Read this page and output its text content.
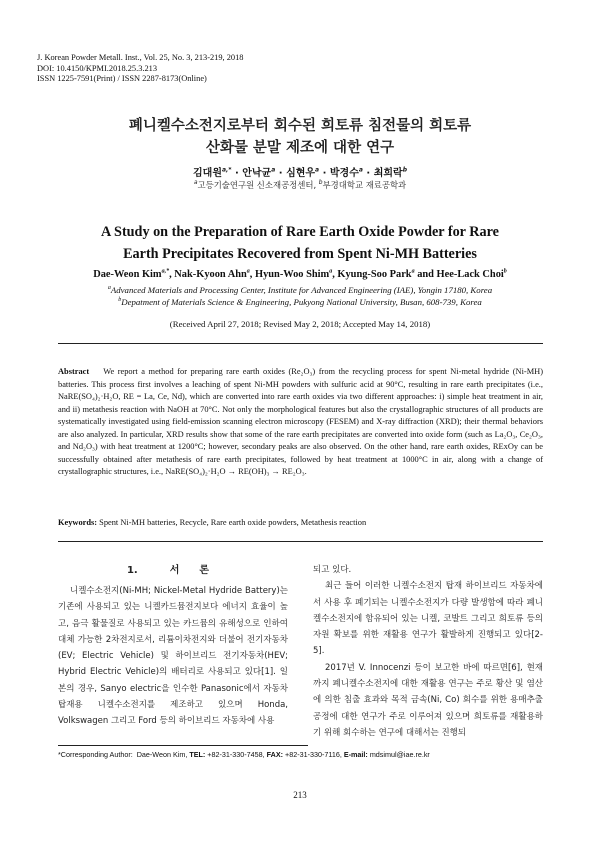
J. Korean Powder Metall. Inst., Vol. 25, No. 3, 213-219, 2018
DOI: 10.4150/KPMI.2018.25.3.213
ISSN 1225-7591(Print) / ISSN 2287-8173(Online)
폐니켈수소전지로부터 회수된 희토류 침전물의 희토류
산화물 분말 제조에 대한 연구
김대원$^{a,*}$ · 안낙균$^a$ · 심현우$^a$ · 박경수$^a$ · 최희락$^b$
$^a$고등기술연구원 신소재공정센터, $^b$부경대학교 재료공학과
A Study on the Preparation of Rare Earth Oxide Powder for Rare
Earth Precipitates Recovered from Spent Ni-MH Batteries
Dae-Weon Kim$^{a,*}$, Nak-Kyoon Ahn$^a$, Hyun-Woo Shim$^a$, Kyung-Soo Park$^a$ and Hee-Lack Choi$^b$
$^a$Advanced Materials and Processing Center, Institute for Advanced Engineering (IAE), Yongin 17180, Korea
$^b$Depatment of Materials Science & Engineering, Pukyong National University, Busan, 608-739, Korea
(Received April 27, 2018; Revised May 2, 2018; Accepted May 14, 2018)
Abstract We report a method for preparing rare earth oxides (Re₂O₃) from the recycling process for spent Ni-metal hydride (Ni-MH) batteries. This process first involves a leaching of spent Ni-MH powders with sulfuric acid at 90°C, resulting in rare earth precipitates (i.e., NaRE(SO₄)₂·H₂O, RE = La, Ce, Nd), which are converted into rare earth oxides via two different approaches: i) simple heat treatment in air, and ii) metathesis reaction with NaOH at 70°C. Not only the morphological features but also the crystallographic structures of all products are systematically investigated using field-emission scanning electron microscopy (FESEM) and X-ray diffraction (XRD); their thermal behaviors are also analyzed. In particular, XRD results show that some of the rare earth precipitates are converted into oxide form (such as La₂O₃, Ce₂O₃, and Nd₂O₃) with heat treatment at 1200°C; however, secondary peaks are also observed. On the other hand, rare earth oxides, RExOy can be successfully obtained after metathesis of rare earth precipitates, followed by heat treatment at 1000°C in air, along with a change of crystallographic structures, i.e., NaRE(SO₄)₂·H₂O → RE(OH)₃ → RE₂O₃.
Keywords: Spent Ni-MH batteries, Recycle, Rare earth oxide powders, Metathesis reaction
1.	서 론

니켈수소전지(Ni-MH; Nickel-Metal Hydride Battery)는 기존에 사용되고 있는 니켈카드뮴전지보다 에너지 효율이 높고, 음극 활물질로 사용되고 있는 카드뮴의 유해성으로 인하여 대체 가능한 2차전지로서, 리튬이차전지와 더불어 전기자동차(EV; Electric Vehicle) 및 하이브리드 전기자동차(HEV; Hybrid Electric Vehicle)의 배터리로 사용되고 있다[1]. 일본의 경우, Sanyo electric을 인수한 Panasonic에서 자동차 탑재용 니켈수소전지를 제조하고 있으며 Honda, Volkswagen 그리고 Ford 등의 하이브리드 자동차에 사용

되고 있다.

최근 들어 이러한 니켈수소전지 탑재 하이브리드 자동차에서 사용 후 폐기되는 니켈수소전지가 다량 발생함에 따라 폐니켈수소전지에 함유되어 있는 니켈, 코발트 그리고 희토류 등의 자원 확보를 위한 재활용 연구가 활발하게 진행되고 있다[2-5].

2017년 V. Innocenzi 등이 보고한 바에 따르면[6], 현재까지 폐니켈수소전지에 대한 재활용 연구는 주로 황산 및 염산에 의한 침출 효과와 목적 금속(Ni, Co) 회수를 위한 용매추출 공정에 대한 연구가 주로 이루어져 있으며 희토류를 재활용하기 위해 회수하는 연구에 대해서는 진행되

*Corresponding Author: Dae-Weon Kim, TEL: +82-31-330-7458, FAX: +82-31-330-7116, E-mail: mdsimul@iae.re.kr
213
